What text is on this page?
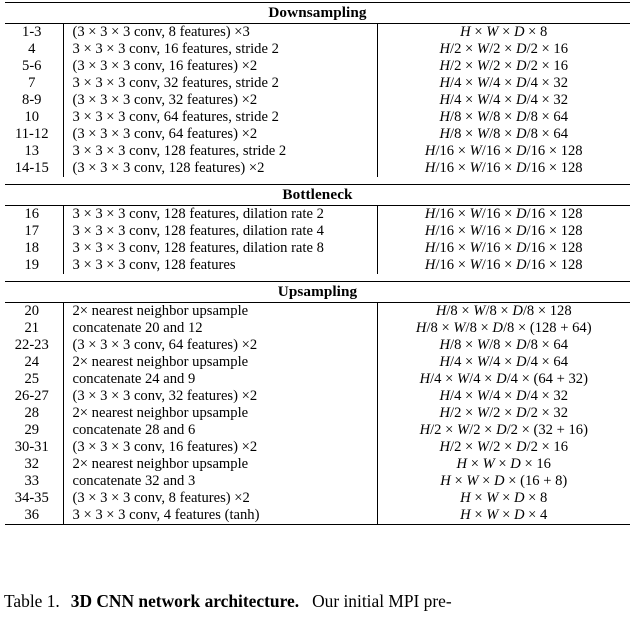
Downsampling		

1-3	(3 × 3 × 3 conv, 8 features) ×3	H × W × D × 8
4	3 × 3 × 3 conv, 16 features, stride 2	H/2 × W/2 × D/2 × 16
5-6	(3 × 3 × 3 conv, 16 features) ×2	H/2 × W/2 × D/2 × 16
7	3 × 3 × 3 conv, 32 features, stride 2	H/4 × W/4 × D/4 × 32
8-9	(3 × 3 × 3 conv, 32 features) ×2	H/4 × W/4 × D/4 × 32
10	3 × 3 × 3 conv, 64 features, stride 2	H/8 × W/8 × D/8 × 64
11-12	(3 × 3 × 3 conv, 64 features) ×2	H/8 × W/8 × D/8 × 64
13	3 × 3 × 3 conv, 128 features, stride 2	H/16 × W/16 × D/16 × 128
14-15	(3 × 3 × 3 conv, 128 features) ×2	H/16 × W/16 × D/16 × 128

Bottleneck		

16	3 × 3 × 3 conv, 128 features, dilation rate 2	H/16 × W/16 × D/16 × 128
17	3 × 3 × 3 conv, 128 features, dilation rate 4	H/16 × W/16 × D/16 × 128
18	3 × 3 × 3 conv, 128 features, dilation rate 8	H/16 × W/16 × D/16 × 128
19	3 × 3 × 3 conv, 128 features	H/16 × W/16 × D/16 × 128

Upsampling		

20	2× nearest neighbor upsample	H/8 × W/8 × D/8 × 128
21	concatenate 20 and 12	H/8 × W/8 × D/8 × (128 + 64)
22-23	(3 × 3 × 3 conv, 64 features) ×2	H/8 × W/8 × D/8 × 64
24	2× nearest neighbor upsample	H/4 × W/4 × D/4 × 64
25	concatenate 24 and 9	H/4 × W/4 × D/4 × (64 + 32)
26-27	(3 × 3 × 3 conv, 32 features) ×2	H/4 × W/4 × D/4 × 32
28	2× nearest neighbor upsample	H/2 × W/2 × D/2 × 32
29	concatenate 28 and 6	H/2 × W/2 × D/2 × (32 + 16)
30-31	(3 × 3 × 3 conv, 16 features) ×2	H/2 × W/2 × D/2 × 16
32	2× nearest neighbor upsample	H × W × D × 16
33	concatenate 32 and 3	H × W × D × (16 + 8)
34-35	(3 × 3 × 3 conv, 8 features) ×2	H × W × D × 8
36	3 × 3 × 3 conv, 4 features (tanh)	H × W × D × 4

Table 1. 3D CNN network architecture. Our initial MPI pre-
